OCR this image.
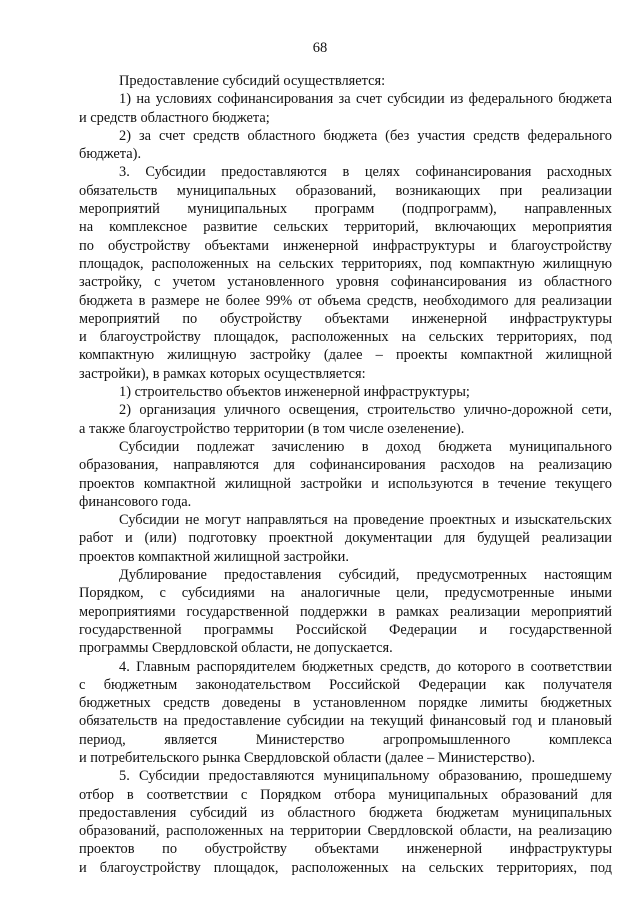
68
Предоставление субсидий осуществляется:
1) на условиях софинансирования за счет субсидии из федерального бюджета
и средств областного бюджета;
2) за счет средств областного бюджета (без участия средств федерального
бюджета).
3. Субсидии предоставляются в целях софинансирования расходных
обязательств муниципальных образований, возникающих при реализации
мероприятий муниципальных программ (подпрограмм), направленных
на комплексное развитие сельских территорий, включающих мероприятия
по обустройству объектами инженерной инфраструктуры и благоустройству
площадок, расположенных на сельских территориях, под компактную жилищную
застройку, с учетом установленного уровня софинансирования из областного
бюджета в размере не более 99% от объема средств, необходимого для реализации
мероприятий по обустройству объектами инженерной инфраструктуры
и благоустройству площадок, расположенных на сельских территориях, под
компактную жилищную застройку (далее – проекты компактной жилищной
застройки), в рамках которых осуществляется:
1) строительство объектов инженерной инфраструктуры;
2) организация уличного освещения, строительство улично-дорожной сети,
а также благоустройство территории (в том числе озеленение).
Субсидии подлежат зачислению в доход бюджета муниципального
образования, направляются для софинансирования расходов на реализацию
проектов компактной жилищной застройки и используются в течение текущего
финансового года.
Субсидии не могут направляться на проведение проектных и изыскательских
работ и (или) подготовку проектной документации для будущей реализации
проектов компактной жилищной застройки.
Дублирование предоставления субсидий, предусмотренных настоящим
Порядком, с субсидиями на аналогичные цели, предусмотренные иными
мероприятиями государственной поддержки в рамках реализации мероприятий
государственной программы Российской Федерации и государственной
программы Свердловской области, не допускается.
4. Главным распорядителем бюджетных средств, до которого в соответствии
с бюджетным законодательством Российской Федерации как получателя
бюджетных средств доведены в установленном порядке лимиты бюджетных
обязательств на предоставление субсидии на текущий финансовый год и плановый
период, является Министерство агропромышленного комплекса
и потребительского рынка Свердловской области (далее – Министерство).
5. Субсидии предоставляются муниципальному образованию, прошедшему
отбор в соответствии с Порядком отбора муниципальных образований для
предоставления субсидий из областного бюджета бюджетам муниципальных
образований, расположенных на территории Свердловской области, на реализацию
проектов по обустройству объектами инженерной инфраструктуры
и благоустройству площадок, расположенных на сельских территориях, под
